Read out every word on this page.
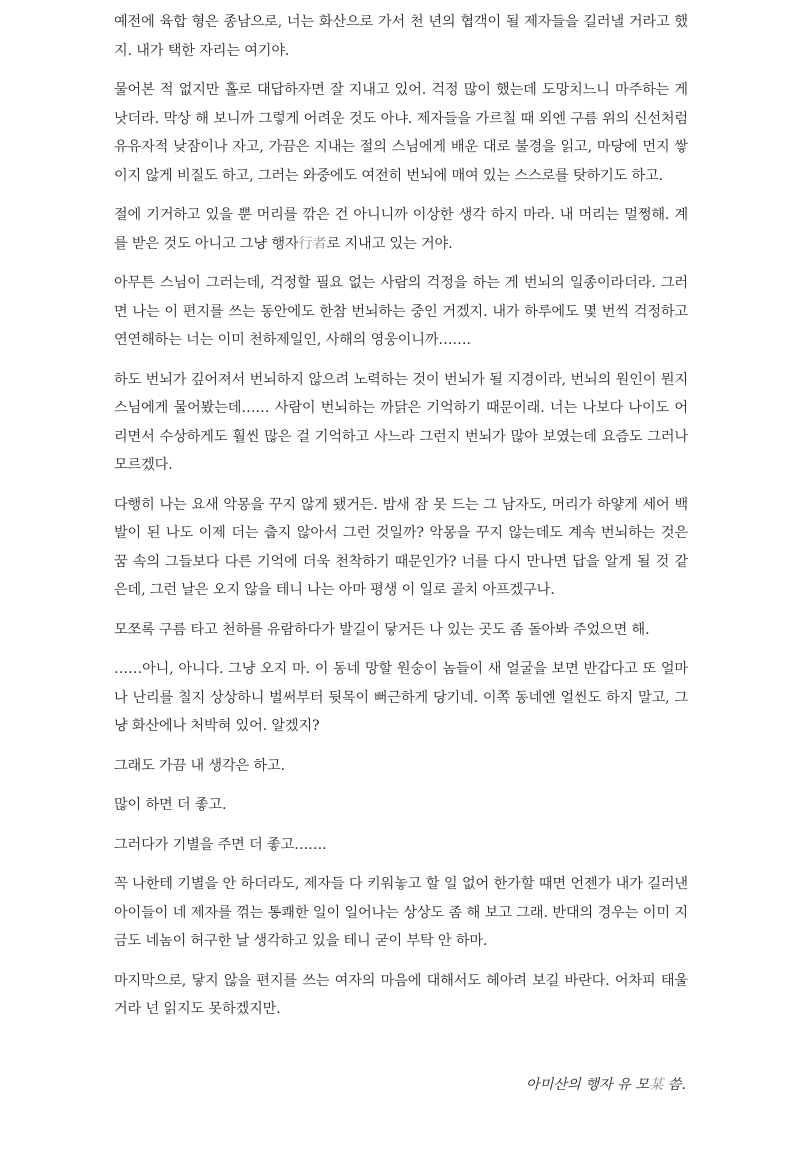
예전에 육합 형은 종남으로, 너는 화산으로 가서 천 년의 협객이 될 제자들을 길러낼 거라고 했지. 내가 택한 자리는 여기야.

물어본 적 없지만 홀로 대답하자면 잘 지내고 있어. 걱정 많이 했는데 도망치느니 마주하는 게 낫더라. 막상 해 보니까 그렇게 어려운 것도 아냐. 제자들을 가르칠 때 외엔 구름 위의 신선처럼 유유자적 낮잠이나 자고, 가끔은 지내는 절의 스님에게 배운 대로 불경을 읽고, 마당에 먼지 쌓이지 않게 비질도 하고, 그러는 와중에도 여전히 번뇌에 매여 있는 스스로를 탓하기도 하고.

절에 기거하고 있을 뿐 머리를 깎은 건 아니니까 이상한 생각 하지 마라. 내 머리는 멀쩡해. 계를 받은 것도 아니고 그냥 행자行者로 지내고 있는 거야.

아무튼 스님이 그러는데, 걱정할 필요 없는 사람의 걱정을 하는 게 번뇌의 일종이라더라. 그러면 나는 이 편지를 쓰는 동안에도 한참 번뇌하는 중인 거겠지. 내가 하루에도 몇 번씩 걱정하고 연연해하는 너는 이미 천하제일인, 사해의 영웅이니까…….

하도 번뇌가 깊어져서 번뇌하지 않으려 노력하는 것이 번뇌가 될 지경이라, 번뇌의 원인이 뭔지 스님에게 물어봤는데…… 사람이 번뇌하는 까닭은 기억하기 때문이래. 너는 나보다 나이도 어리면서 수상하게도 훨씬 많은 걸 기억하고 사느라 그런지 번뇌가 많아 보였는데 요즘도 그러나 모르겠다.

다행히 나는 요새 악몽을 꾸지 않게 됐거든. 밤새 잠 못 드는 그 남자도, 머리가 하얗게 세어 백발이 된 나도 이제 더는 춥지 않아서 그런 것일까? 악몽을 꾸지 않는데도 계속 번뇌하는 것은 꿈 속의 그들보다 다른 기억에 더욱 천착하기 때문인가? 너를 다시 만나면 답을 알게 될 것 같은데, 그런 날은 오지 않을 테니 나는 아마 평생 이 일로 골치 아프겠구나.

모쪼록 구름 타고 천하를 유람하다가 발길이 닿거든 나 있는 곳도 좀 돌아봐 주었으면 해.

……아니, 아니다. 그냥 오지 마. 이 동네 망할 원숭이 놈들이 새 얼굴을 보면 반갑다고 또 얼마나 난리를 칠지 상상하니 벌써부터 뒷목이 뻐근하게 당기네. 이쪽 동네엔 얼씬도 하지 말고, 그냥 화산에나 처박혀 있어. 알겠지?

그래도 가끔 내 생각은 하고.

많이 하면 더 좋고.

그러다가 기별을 주면 더 좋고…….

꼭 나한테 기별을 안 하더라도, 제자들 다 키워놓고 할 일 없어 한가할 때면 언젠가 내가 길러낸 아이들이 네 제자를 꺾는 통쾌한 일이 일어나는 상상도 좀 해 보고 그래. 반대의 경우는 이미 지금도 네놈이 허구한 날 생각하고 있을 테니 굳이 부탁 안 하마.

마지막으로, 닿지 않을 편지를 쓰는 여자의 마음에 대해서도 헤아려 보길 바란다. 어차피 태울 거라 넌 읽지도 못하겠지만.

아미산의 행자 유 모某 씀.
